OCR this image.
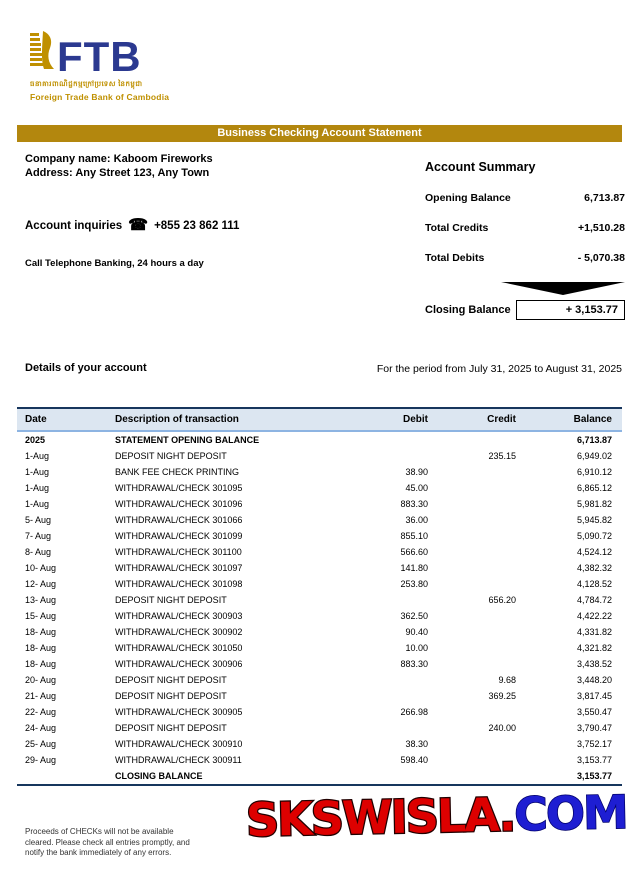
FTB
ធនាគារពាណិជ្ជកម្មក្រៅប្រទេស នៃកម្ពុជា
Foreign Trade Bank of Cambodia
Business Checking Account Statement
Company name: Kaboom Fireworks
Address: Any Street 123, Any Town
Account inquiries ☎ +855 23 862 111
Call Telephone Banking, 24 hours a day
Account Summary
Opening Balance	6,713.87
Total Credits	+1,510.28
Total Debits	- 5,070.38
Closing Balance	+ 3,153.77
Details of your account	For the period from July 31, 2025 to August 31, 2025
Date	Description of transaction	Debit	Credit	Balance
2025	STATEMENT OPENING BALANCE			6,713.87
1-Aug	DEPOSIT NIGHT DEPOSIT		235.15	6,949.02
1-Aug	BANK FEE CHECK PRINTING	38.90		6,910.12
1-Aug	WITHDRAWAL/CHECK 301095	45.00		6,865.12
1-Aug	WITHDRAWAL/CHECK 301096	883.30		5,981.82
5- Aug	WITHDRAWAL/CHECK 301066	36.00		5,945.82
7- Aug	WITHDRAWAL/CHECK 301099	855.10		5,090.72
8- Aug	WITHDRAWAL/CHECK 301100	566.60		4,524.12
10- Aug	WITHDRAWAL/CHECK 301097	141.80		4,382.32
12- Aug	WITHDRAWAL/CHECK 301098	253.80		4,128.52
13- Aug	DEPOSIT NIGHT DEPOSIT		656.20	4,784.72
15- Aug	WITHDRAWAL/CHECK 300903	362.50		4,422.22
18- Aug	WITHDRAWAL/CHECK 300902	90.40		4,331.82
18- Aug	WITHDRAWAL/CHECK 301050	10.00		4,321.82
18- Aug	WITHDRAWAL/CHECK 300906	883.30		3,438.52
20- Aug	DEPOSIT NIGHT DEPOSIT		9.68	3,448.20
21- Aug	DEPOSIT NIGHT DEPOSIT		369.25	3,817.45
22- Aug	WITHDRAWAL/CHECK 300905	266.98		3,550.47
24- Aug	DEPOSIT NIGHT DEPOSIT		240.00	3,790.47
25- Aug	WITHDRAWAL/CHECK 300910	38.30		3,752.17
29- Aug	WITHDRAWAL/CHECK 300911	598.40		3,153.77
	CLOSING BALANCE			3,153.77
Proceeds of CHECKs will not be available
cleared. Please check all entries promptly, and
notify the bank immediately of any errors.
SKSWISLA.COM
